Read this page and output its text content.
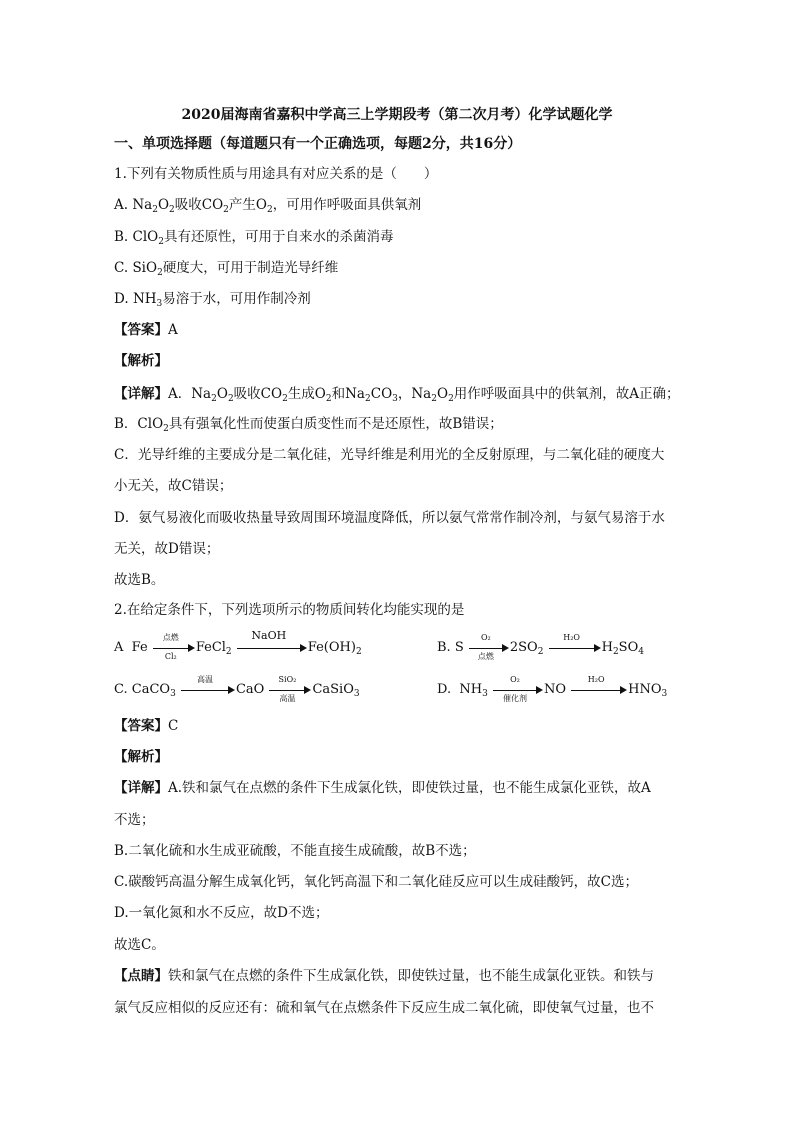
2020届海南省嘉积中学高三上学期段考（第二次月考）化学试题化学
一、单项选择题（每道题只有一个正确选项，每题2分，共16分）
1.下列有关物质性质与用途具有对应关系的是（　　）
A. $Na_2O_2$吸收$CO_2$产生$O_2$，可用作呼吸面具供氧剂
B. ClO$_2$具有还原性，可用于自来水的杀菌消毒
C. SiO$_2$硬度大，可用于制造光导纤维
D. $NH_3$易溶于水，可用作制冷剂
【答案】A
【解析】
【详解】A．$Na_2O_2$吸收$CO_2$生成$O_2$和$Na_2CO_3$，$Na_2O_2$用作呼吸面具中的供氧剂，故A正确；
B．ClO$_2$具有强氧化性而使蛋白质变性而不是还原性，故B错误；
C．光导纤维的主要成分是二氧化硅，光导纤维是利用光的全反射原理，与二氧化硅的硬度大
小无关，故C错误；
D．氨气易液化而吸收热量导致周围环境温度降低，所以氨气常常作制冷剂，与氨气易溶于水
无关，故D错误；
故选B。
2.在给定条件下，下列选项所示的物质间转化均能实现的是
A Fe
点燃
Cl₂
FeCl$_2$
NaOH
$Fe(OH)_2$	B. S
O₂
点燃
$2SO_2$
H₂O
$H_2SO_4$
C. CaCO$_3$
高温
CaO
SiO₂
高温
CaSiO$_3$	D. $NH_3$
O₂
催化剂
NO
H₂O
$HNO_3$
【答案】C
【解析】
【详解】A.铁和氯气在点燃的条件下生成氯化铁，即使铁过量，也不能生成氯化亚铁，故A
不选；
B.二氧化硫和水生成亚硫酸，不能直接生成硫酸，故B不选；
C.碳酸钙高温分解生成氧化钙，氧化钙高温下和二氧化硅反应可以生成硅酸钙，故C选；
D.一氧化氮和水不反应，故D不选；
故选C。
【点睛】铁和氯气在点燃的条件下生成氯化铁，即使铁过量，也不能生成氯化亚铁。和铁与
氯气反应相似的反应还有：硫和氧气在点燃条件下反应生成二氧化硫，即使氧气过量，也不
